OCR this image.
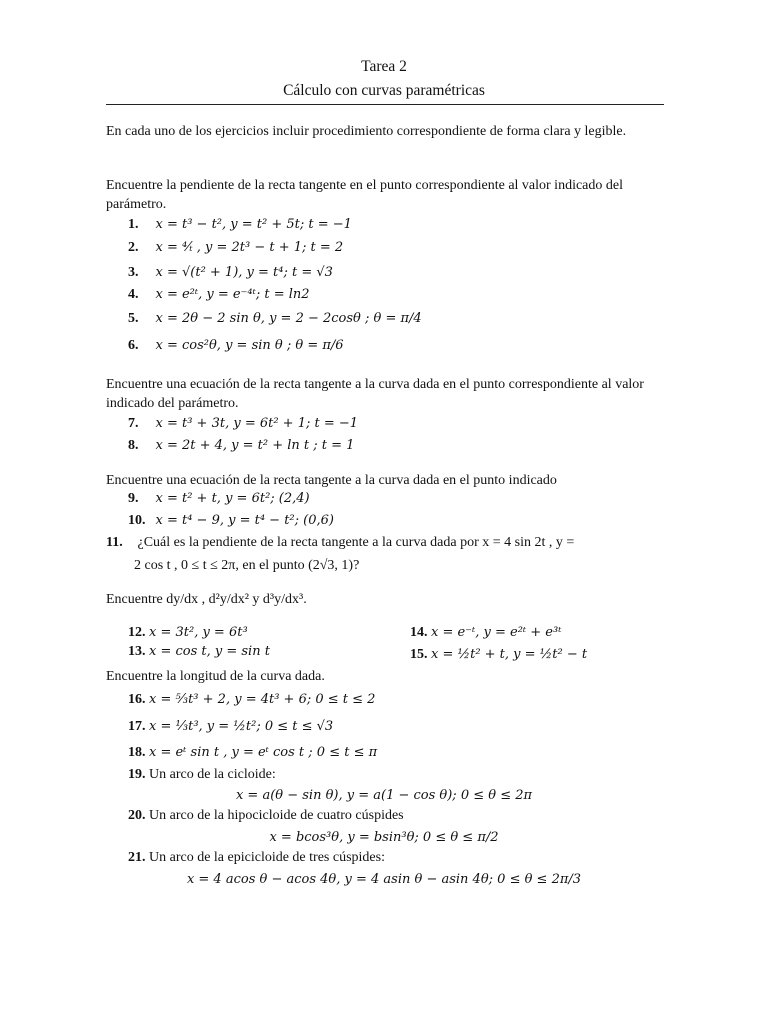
Tarea 2
Cálculo con curvas paramétricas
En cada uno de los ejercicios incluir procedimiento correspondiente de forma clara y legible.
Encuentre la pendiente de la recta tangente en el punto correspondiente al valor indicado del parámetro.
1. x = t³ − t², y = t² + 5t; t = −1
2. x = ⁴⁄ₜ , y = 2t³ − t + 1; t = 2
3. x = √(t² + 1), y = t⁴; t = √3
4. x = e²ᵗ, y = e⁻⁴ᵗ; t = ln2
5. x = 2θ − 2 sin θ, y = 2 − 2cosθ ; θ = π/4
6. x = cos²θ, y = sin θ ; θ = π/6
Encuentre una ecuación de la recta tangente a la curva dada en el punto correspondiente al valor indicado del parámetro.
7. x = t³ + 3t, y = 6t² + 1; t = −1
8. x = 2t + 4, y = t² + ln t ; t = 1
Encuentre una ecuación de la recta tangente a la curva dada en el punto indicado
9. x = t² + t, y = 6t²; (2,4)
10. x = t⁴ − 9, y = t⁴ − t²; (0,6)
11. ¿Cuál es la pendiente de la recta tangente a la curva dada por x = 4 sin 2t , y =
2 cos t , 0 ≤ t ≤ 2π, en el punto (2√3, 1)?
Encuentre dy/dx , d²y/dx² y d³y/dx³.
12. x = 3t², y = 6t³
13. x = cos t, y = sin t
14. x = e⁻ᵗ, y = e²ᵗ + e³ᵗ
15. x = ½t² + t, y = ½t² − t
Encuentre la longitud de la curva dada.
16. x = ⁵⁄₃t³ + 2, y = 4t³ + 6; 0 ≤ t ≤ 2
17. x = ⅓t³, y = ½t²; 0 ≤ t ≤ √3
18. x = eᵗ sin t , y = eᵗ cos t ; 0 ≤ t ≤ π
19. Un arco de la cicloide:
x = a(θ − sin θ), y = a(1 − cos θ); 0 ≤ θ ≤ 2π
20. Un arco de la hipocicloide de cuatro cúspides
x = bcos³θ, y = bsin³θ; 0 ≤ θ ≤ π/2
21. Un arco de la epicicloide de tres cúspides:
x = 4 acos θ − acos 4θ, y = 4 asin θ − asin 4θ; 0 ≤ θ ≤ 2π/3
